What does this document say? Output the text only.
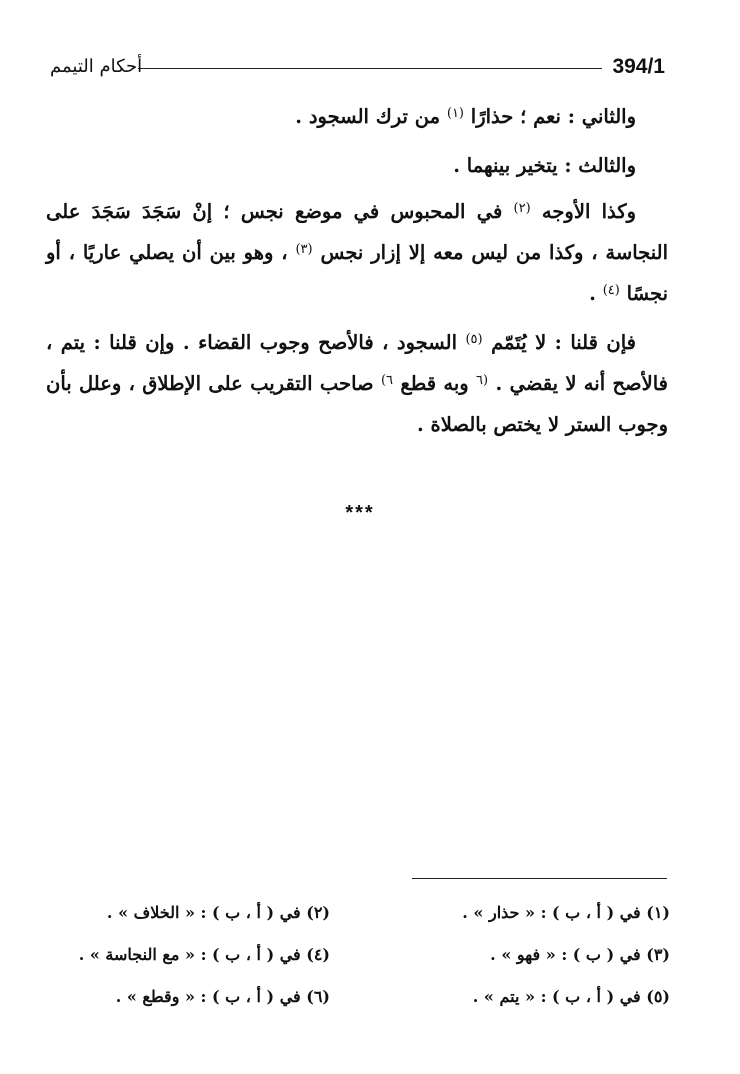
394/1
أحكام التيمم

والثاني : نعم ؛ حذارًا $^{(١)}$ من ترك السجود .

والثالث : يتخير بينهما .

وكذا الأوجه $^{(٢)}$ في المحبوس في موضع نجس ؛ إنْ سَجَدَ سَجَدَ على النجاسة ، وكذا من ليس معه إلا إزار نجس $^{(٣)}$ ، وهو بين أن يصلي عاريًا ، أو نجسًا $^{(٤)}$ .

فإن قلنا : لا يُتَمّم $^{(٥)}$ السجود ، فالأصح وجوب القضاء . وإن قلنا : يتم ، فالأصح أنه لا يقضي . $^{(٦}$ وبه قطع $^{٦)}$ صاحب التقريب على الإطلاق ، وعلل بأن وجوب الستر لا يختص بالصلاة .

***
(١) في ( أ ، ب ) : « حذار » .
(٢) في ( أ ، ب ) : « الخلاف » .
(٣) في ( ب ) : « فهو » .
(٤) في ( أ ، ب ) : « مع النجاسة » .
(٥) في ( أ ، ب ) : « يتم » .
(٦) في ( أ ، ب ) : « وقطع » .
